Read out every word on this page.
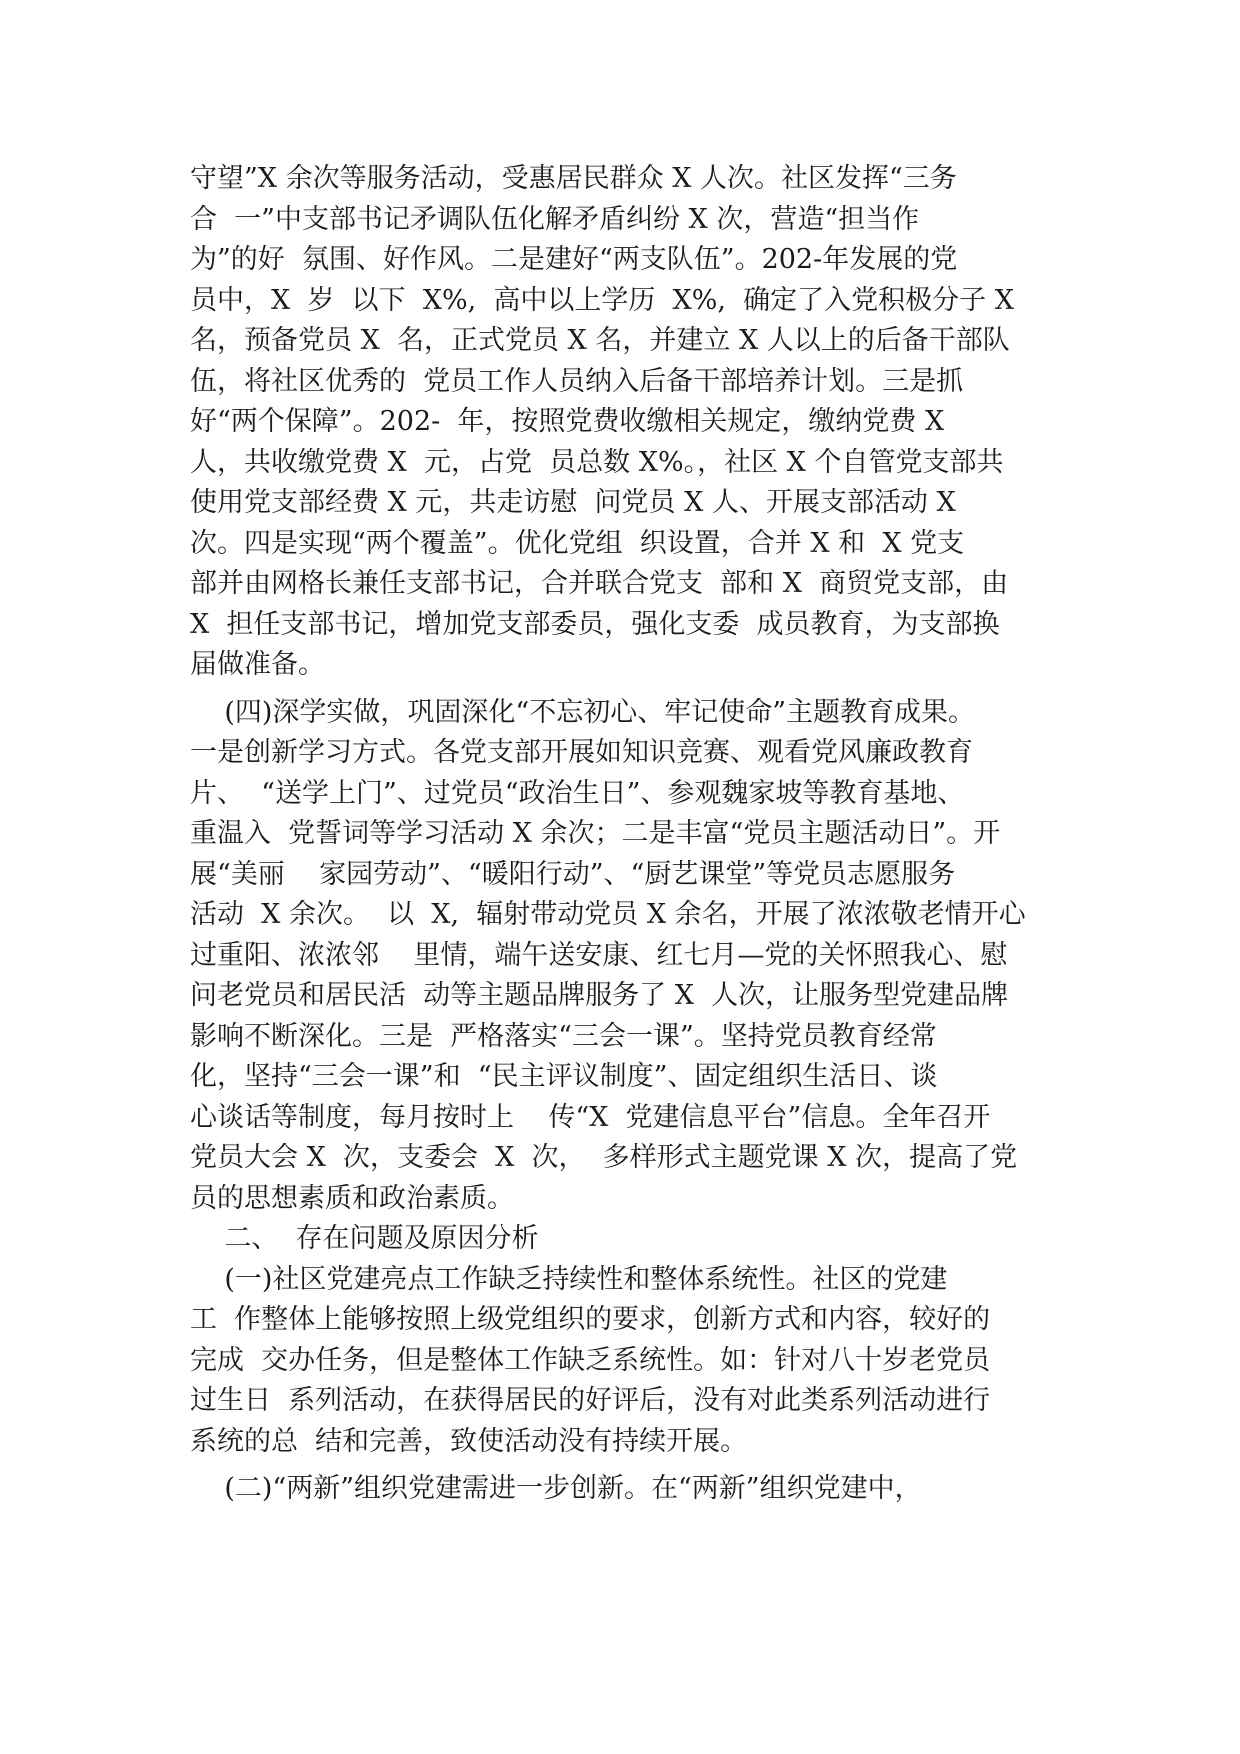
守望”X 余次等服务活动，受惠居民群众 X 人次。社区发挥“三务
合  一”中支部书记矛调队伍化解矛盾纠纷 X 次，营造“担当作
为”的好  氛围、好作风。二是建好“两支队伍”。202-年发展的党
员中，X  岁  以下  X%,  高中以上学历  X%,  确定了入党积极分子 X
名，预备党员 X  名，正式党员 X 名，并建立 X 人以上的后备干部队
伍，将社区优秀的  党员工作人员纳入后备干部培养计划。三是抓
好“两个保障”。202-  年，按照党费收缴相关规定，缴纳党费 X
人，共收缴党费 X  元，占党  员总数 X%。，社区 X 个自管党支部共
使用党支部经费 X 元，共走访慰  问党员 X 人、开展支部活动 X
次。四是实现“两个覆盖”。优化党组  织设置，合并 X 和  X 党支
部并由网格长兼任支部书记，合并联合党支  部和 X  商贸党支部，由
X  担任支部书记，增加党支部委员，强化支委  成员教育，为支部换
届做准备。
(四)深学实做，巩固深化“不忘初心、牢记使命”主题教育成果。
一是创新学习方式。各党支部开展如知识竞赛、观看党风廉政教育
片、  “送学上门”、过党员“政治生日”、参观魏家坡等教育基地、
重温入  党誓词等学习活动 X 余次；二是丰富“党员主题活动日”。开
展“美丽    家园劳动”、“暖阳行动”、“厨艺课堂”等党员志愿服务
活动  X 余次。  以  X,  辐射带动党员 X 余名，开展了浓浓敬老情开心
过重阳、浓浓邻    里情，端午送安康、红七月—党的关怀照我心、慰
问老党员和居民活  动等主题品牌服务了 X  人次，让服务型党建品牌
影响不断深化。三是  严格落实“三会一课”。坚持党员教育经常
化，坚持“三会一课”和  “民主评议制度”、固定组织生活日、谈
心谈话等制度，每月按时上    传“X  党建信息平台”信息。全年召开
党员大会 X  次，支委会  X  次，  多样形式主题党课 X 次，提高了党
员的思想素质和政治素质。
二、  存在问题及原因分析
(一)社区党建亮点工作缺乏持续性和整体系统性。社区的党建
工  作整体上能够按照上级党组织的要求，创新方式和内容，较好的
完成  交办任务，但是整体工作缺乏系统性。如：针对八十岁老党员
过生日  系列活动，在获得居民的好评后，没有对此类系列活动进行
系统的总  结和完善，致使活动没有持续开展。
(二)“两新”组织党建需进一步创新。在“两新”组织党建中，
